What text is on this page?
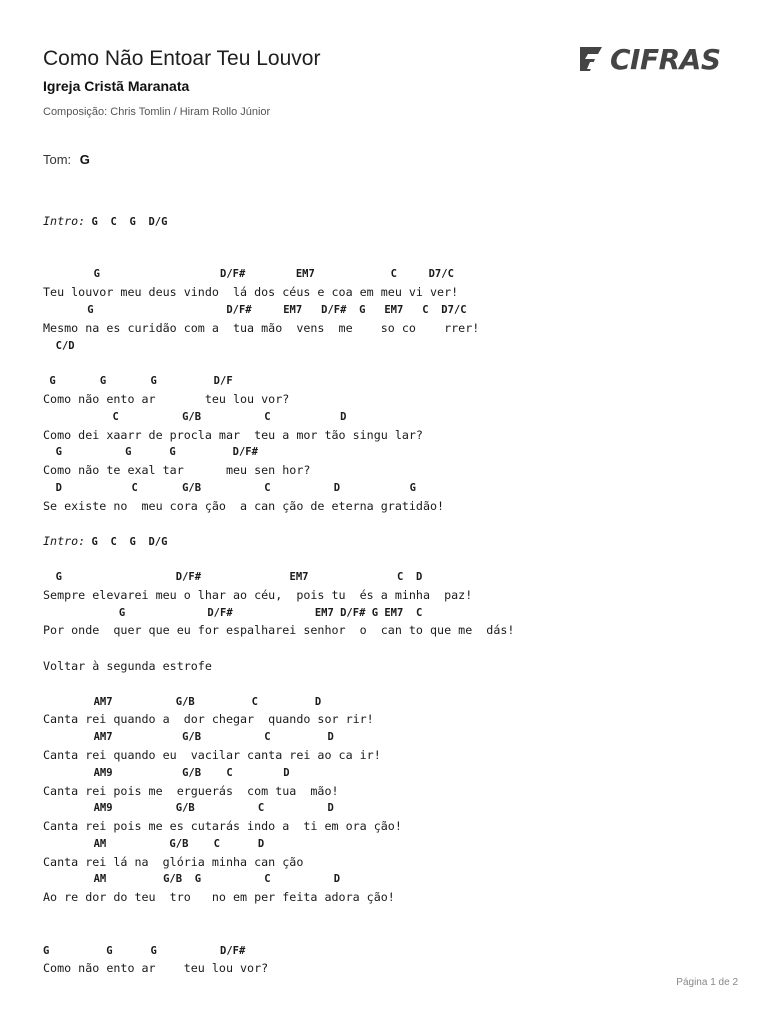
Como Não Entoar Teu Louvor
Igreja Cristã Maranata
Composição: Chris Tomlin / Hiram Rollo Júnior
CIFRAS
Tom: G
Intro: G  C  G  D/G
G                   D/F#        EM7            C     D7/C
Teu louvor meu deus vindo  lá dos céus e coa em meu vi ver!
G                     D/F#     EM7   D/F#  G   EM7   C  D7/C
Mesmo na es curidão com a  tua mão  vens  me    so co    rrer!
C/D
G       G       G         D/F
Como não ento ar       teu lou vor?
C          G/B          C           D
Como dei xaarr de procla mar  teu a mor tão singu lar?
G          G      G         D/F#
Como não te exal tar      meu sen hor?
D           C       G/B          C          D           G
Se existe no  meu cora ção  a can ção de eterna gratidão!
Intro: G  C  G  D/G
G                  D/F#              EM7              C  D
Sempre elevarei meu o lhar ao céu,  pois tu  és a minha  paz!
G             D/F#             EM7 D/F# G EM7  C
Por onde  quer que eu for espalharei senhor  o  can to que me  dás!
Voltar à segunda estrofe
AM7          G/B         C         D
Canta rei quando a  dor chegar  quando sor rir!
AM7           G/B          C         D
Canta rei quando eu  vacilar canta rei ao ca ir!
AM9           G/B    C        D
Canta rei pois me  erguerás  com tua  mão!
AM9          G/B          C          D
Canta rei pois me es cutarás indo a  ti em ora ção!
AM          G/B    C      D
Canta rei lá na  glória minha can ção
AM         G/B  G          C          D
Ao re dor do teu  tro   no em per feita adora ção!
G         G      G          D/F#
Como não ento ar    teu lou vor?
Página 1 de 2
